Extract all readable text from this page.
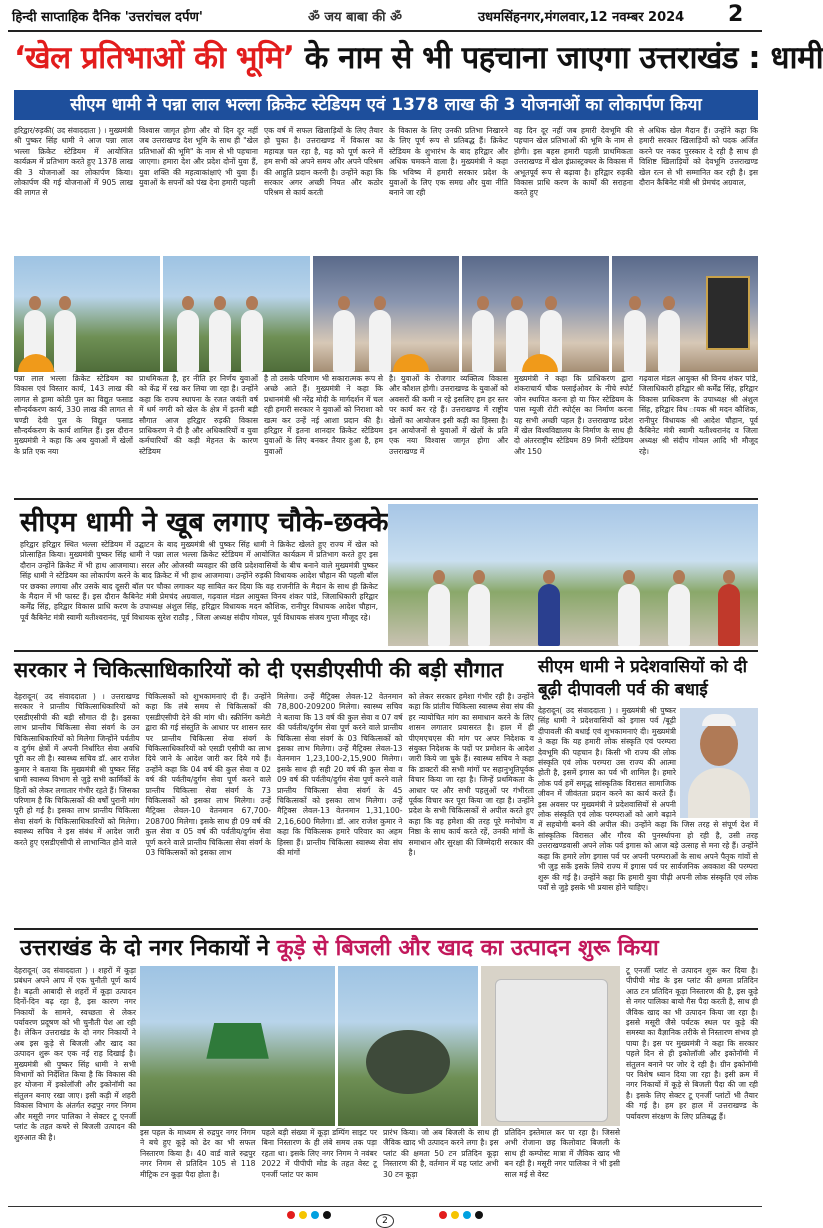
हिन्दी साप्ताहिक दैनिक 'उत्तरांचल दर्पण'	ॐ जय बाबा की ॐ	उधमसिंहनगर,मंगलवार,12 नवम्बर 2024 2
‘खेल प्रतिभाओं की भूमि’ के नाम से भी पहचाना जाएगा उत्तराखंड : धामी
सीएम धामी ने पन्ना लाल भल्ला क्रिकेट स्टेडियम एवं 1378 लाख की 3 योजनाओं का लोकार्पण किया
हरिद्वार/रुड़की( उद संवाददाता ) । मुख्यमंत्री श्री पुष्कर सिंह धामी ने आज पन्ना लाल भल्ला क्रिकेट स्टेडियम में आयोजित कार्यक्रम में प्रतिभाग करते हुए 1378 लाख की 3 योजनाओं का लोकार्पण किया। लोकार्पण की गई योजनाओं में 905 लाख की लागत से
विश्वास जागृत होगा और वो दिन दूर नहीं जब उत्तराखण्ड देश भूमि के साथ ही "खेल प्रतिभाओं की भूमि" के नाम से भी पहचाना जाएगा। हमारा देश और प्रदेश दोनों युवा हैं, युवा शक्ति की महत्वाकांक्षाएं भी युवा हैं। युवाओं के सपनों को पंख देना हमारी पहली
एक वर्ष में सफल खिलाड़ियों के लिए तैयार हो चुका है। उत्तराखण्ड में विकास का महायज्ञ चल रहा है, यह को पूर्ण करने में हम सभी को अपने समय और अपने परिश्रम की आहुति प्रदान करनी है। उन्होंने कहा कि सरकार अगर अच्छी नियत और कठोर परिश्रम से कार्य करती
के विकास के लिए उनकी प्रतिभा निखारने के लिए पूर्ण रूप से प्रतिबद्ध हैं। क्रिकेट स्टेडियम के शुभारंभ के बाद हरिद्वार और अधिक चमकने वाला है। मुख्यमंत्री ने कहा कि भविष्य में हमारी सरकार प्रदेश के युवाओं के लिए एक समग्र और युवा नीति बनाने जा रही
वह दिन दूर नहीं जब हमारी देवभूमि की पहचान खेल प्रतिभाओं की भूमि के नाम से होगी। इस बहस हमारी पहली प्राथमिकता उत्तराखण्ड में खेल इंफ्रास्ट्रक्चर के विकास में अभूतपूर्व रूप से बढ़ावा है। हरिद्वार रुड़की विकास प्राधि करण के कार्यों की सराहना करते हुए
से अधिक खेल मैदान हैं। उन्होंने कहा कि हमारी सरकार खिलाड़ियों को पदक अर्जित करने पर नकद पुरस्कार दे रही है साथ ही विशिष्ट खिलाड़ियों को देवभूमि उत्तराखण्ड खेल रत्न से भी सम्मानित कर रही है। इस दौरान कैबिनेट मंत्री श्री प्रेमचंद अग्रवाल,
पन्ना लाल भल्ला क्रिकेट स्टेडियम का विकास एवं विस्तार कार्य, 143 लाख की लागत से ड्रामा कोठी पुल का विद्युत फसाड सौन्दर्यकरण कार्य, 330 लाख की लागत से चण्डी देवी पुल के विद्युत फसाड सौन्दर्यकरण के कार्य शामिल हैं। इस दौरान मुख्यमंत्री ने कहा कि अब युवाओं में खेलों के प्रति एक नया
प्राथमिकता है, हर नीति हर निर्णय युवाओं को केंद्र में रख कर लिया जा रहा है। उन्होंने कहा कि राज्य स्थापना के रजत जयंती वर्ष में धर्म नगरी को खेल के क्षेत्र में इतनी बड़ी सौगात आज हरिद्वार रुड़की विकास प्राधिकरण ने दी है और अधिकारियों व युवा कर्मचारियों की कड़ी मेहनत के कारण स्टेडियम
है तो उसके परिणाम भी सकारात्मक रूप से अच्छे आते हैं। मुख्यमंत्री ने कहा कि प्रधानमंत्री श्री नरेंद्र मोदी के मार्गदर्शन में चल रही हमारी सरकार ने युवाओं को निराशा को खत्म कर उन्हें नई आशा प्रदान की है। हरिद्वार में इतना शानदार क्रिकेट स्टेडियम युवाओं के लिए बनकर तैयार हुआ है, हम युवाओं
है। युवाओं के रोजगार व्यक्तित्व विकास और कौशल होगी। उत्तराखण्ड के युवाओं को अवसरों की कमी न रहे इसलिए हम हर स्तर पर कार्य कर रहे हैं। उत्तराखण्ड में राष्ट्रीय खेलों का आयोजन इसी कड़ी का हिस्सा है। इन आयोजनों से युवाओं में खेलों के प्रति एक नया विश्वास जागृत होगा और उत्तराखण्ड में
मुख्यमंत्री ने कहा कि प्राधिकरण द्वारा शंकराचार्य चौक फ्लाईओवर के नीचे स्पोर्ट जोन स्थापित करना हो या फिर स्टेडियम के पास म्यूजी रोटी स्पोर्ट्स का निर्माण करना यह सभी अच्छी पहल है। उत्तराखण्ड प्रदेश में खेल विश्वविद्यालय के निर्माण के साथ ही दो अंतरराष्ट्रीय स्टेडियम 89 मिनी स्टेडियम और 150
गढ़वाल मंडल आयुक्त श्री विनय शंकर पांडे, जिलाधिकारी हरिद्वार श्री कर्मेंद्र सिंह, हरिद्वार विकास प्राधिकरण के उपाध्यक्ष श्री अंशुल सिंह, हरिद्वार विध ायक श्री मदन कौशिक, रानीपुर विधायक श्री आदेश चौहान, पूर्व कैबिनेट मंत्री स्वामी यतीश्वरानंद व जिला अध्यक्ष श्री संदीप गोयल आदि भी मौजूद रहे।
सीएम धामी ने खूब लगाए चौके-छक्के
हरिद्वार हरिद्वार स्थित भल्ला स्टेडियम में उद्घाटन के बाद मुख्यमंत्री श्री पुष्कर सिंह धामी ने क्रिकेट खेलते हुए राज्य में खेल को प्रोत्साहित किया। मुख्यमंत्री पुष्कर सिंह धामी ने पन्ना लाल भल्ला क्रिकेट स्टेडियम में आयोजित कार्यक्रम में प्रतिभाग करते हुए इस दौरान उन्होंने क्रिकेट में भी हाथ आजमाया। सरल और ओजस्वी व्यवहार की छवि प्रदेशवासियों के बीच बनाने वाले मुख्यमंत्री पुष्कर सिंह धामी ने स्टेडियम का लोकार्पण करने के बाद क्रिकेट में भी हाथ आजमाया। उन्होंने रुड़की विधायक आदेश चौहान की पहली बॉल पर छक्का लगाया और उसके बाद दूसरी बॉल पर चौका लगाकर यह साबित कर दिया कि वह राजनीति के मैदान के साथ ही क्रिकेट के मैदान में भी फास्ट हैं। इस दौरान कैबिनेट मंत्री प्रेमचंद अग्रवाल, गढ़वाल मंडल आयुक्त विनय शंकर पांडे, जिलाधिकारी हरिद्वार कर्मेंद्र सिंह, हरिद्वार विकास प्राधि करण के उपाध्यक्ष अंशुल सिंह, हरिद्वार विधायक मदन कौशिक, रानीपुर विधायक आदेश चौहान, पूर्व कैबिनेट मंत्री स्वामी यतीश्वरानंद, पूर्व विधायक सुरेश राठौड़ , जिला अध्यक्ष संदीप गोयल, पूर्व विधायक संजय गुप्ता मौजूद रहे।
सरकार ने चिकित्साधिकारियों को दी एसडीएसीपी की बड़ी सौगात
देहरादून( उद संवाददाता ) । उत्तराखण्ड सरकार ने प्रान्तीय चिकित्साधिकारियों को एसडीएसीपी की बड़ी सौगात दी है। इसका लाभ प्रान्तीय चिकित्सा सेवा संवर्ग के उन चिकित्साधिकारियों को मिलेगा जिन्होंने पर्वतीय व दुर्गम क्षेत्रों में अपनी निर्धारित सेवा अवधि पूरी कर ली है। स्वास्थ्य सचिव डॉ. आर राजेश कुमार ने बताया कि मुख्यमंत्री श्री पुष्कर सिंह धामी स्वास्थ्य विभाग से जुड़े सभी कार्मिकों के हितों को लेकर लगातार गंभीर रहते हैं। जिसका परिणाम है कि चिकित्सकों की वर्षों पुरानी मांग पूरी हो गई है। इसका लाभ प्रान्तीय चिकित्सा सेवा संवर्ग के चिकित्साधिकारियों को मिलेगा। स्वास्थ्य सचिव ने इस संबंध में आदेश जारी करते हुए एसडीएसीपी से लाभान्वित होने वाले
चिकित्सकों को शुभकामनाएं दी हैं। उन्होंने कहा कि लंबे समय से चिकित्सकों की एसडीएसीपी देने की मांग थी। स्क्रीनिंग कमेटी द्वारा की गई संस्तुति के आधार पर शासन स्तर पर प्रान्तीय चिकित्सा सेवा संवर्ग के चिकित्साधिकारियों को एसडी एसीपी का लाभ दिये जाने के आदेश जारी कर दिये गये हैं। उन्होंने कहा कि 04 वर्ष की कुल सेवा व 02 वर्ष की पर्वतीय/दुर्गम सेवा पूर्ण करने वाले प्रान्तीय चिकित्सा सेवा संवर्ग के 73 चिकित्सकों को इसका लाभ मिलेगा। उन्हें मैट्रिक्स लेवल-10 वेतनमान 67,700- 208700 मिलेगा। इसके साथ ही 09 वर्ष की कुल सेवा व 05 वर्ष की पर्वतीय/दुर्गम सेवा पूर्ण करने वाले प्रान्तीय चिकित्सा सेवा संवर्ग के 03 चिकित्सकों को इसका लाभ
मिलेगा। उन्हें मैट्रिक्स लेवल-12 वेतनमान 78,800-209200 मिलेगा। स्वास्थ्य सचिव ने बताया कि 13 वर्ष की कुल सेवा व 07 वर्ष की पर्वतीय/दुर्गम सेवा पूर्ण करने वाले प्रान्तीय चिकित्सा सेवा संवर्ग के 03 चिकित्सकों को इसका लाभ मिलेगा। उन्हें मैट्रिक्स लेवल-13 वेतनमान 1,23,100-2,15,900 मिलेगा। इसके साथ ही सही 20 वर्ष की कुल सेवा व 09 वर्ष की पर्वतीय/दुर्गम सेवा पूर्ण करने वाले प्रान्तीय चिकित्सा सेवा संवर्ग के 45 चिकित्सकों को इसका लाभ मिलेगा। उन्हें मैट्रिक्स लेवल-13 वेतनमान 1,31,100-2,16,600 मिलेगा। डॉ. आर राजेश कुमार ने कहा कि चिकित्सक हमारे परिवार का अहम हिस्सा हैं। प्रान्तीय चिकित्सा स्वास्थ्य सेवा संघ की मांगों
को लेकर सरकार हमेशा गंभीर रही है। उन्होंने कहा कि प्रांतीय चिकित्सा स्वास्थ्य सेवा संघ की हर न्यायोचित मांग का समाधान करने के लिए शासन लगातार प्रयासरत है। हाल में ही पीएमएचएस की मांग पर अपर निदेशक व संयुक्त निदेशक के पदों पर प्रमोशन के आदेश जारी किये जा चुके हैं। स्वास्थ्य सचिव ने कहा कि डाक्टरों की सभी मांगों पर सहानुभूतिपूर्वक विचार किया जा रहा है। जिन्हें प्रथमिकता के आधार पर और सभी पहलुओं पर गंभीरता पूर्वक विचार कर पूरा किया जा रहा है। उन्होंने प्रदेश के सभी चिकित्सकों से अपील करते हुए कहा कि वह हमेशा की तरह पूरे मनोयोग व निष्ठा के साथ कार्य करते रहें, उनकी मांगों के समाधान और सुरक्षा की जिम्मेदारी सरकार की है।
सीएम धामी ने प्रदेशवासियों को दी बूढ़ी दीपावली पर्व की बधाई
देहरादून( उद संवाददाता ) । मुख्यमंत्री श्री पुष्कर सिंह धामी ने प्रदेशवासियों को इगास पर्व /बूढ़ी दीपावली की बधाई एवं शुभकामनाएं दी। मुख्यमंत्री ने कहा कि यह हमारी लोक संस्कृति एवं परम्परा देवभूमि की पहचान है। किसी भी राज्य की लोक संस्कृति एवं लोक परम्परा उस राज्य की आत्मा होती है, इसमें इगास का पर्व भी शामिल है। हमारे लोक पर्व हमें समृद्ध सांस्कृतिक विरासत सामाजिक जीवन में जीवंतता प्रदान करने का कार्य करते हैं। इस अवसर पर मुख्यमंत्री ने प्रदेशवासियों से अपनी लोक संस्कृति एवं लोक परम्पराओं को आगे बढ़ाने में सहयोगी बनने की अपील की। उन्होंने कहा कि जिस तरह से संपूर्ण देश में सांस्कृतिक विरासत और गौरव की पुनर्स्थापना हो रही है, उसी तरह उत्तराखण्डवासी अपने लोक पर्व इगास को आज बड़े उत्साह से मना रहे हैं। उन्होंने कहा कि हमारे लोग इगास पर्व पर अपनी परम्पराओं के साथ अपने पैतृक गांवों से भी जुड़ सकें इसके लिये राज्य में इगास पर्व पर सार्वजनिक अवकाश की परम्परा शुरू की गई है। उन्होंने कहा कि हमारी युवा पीढ़ी अपनी लोक संस्कृति एवं लोक पर्वों से जुड़े इसके भी प्रयास होने चाहिए।
उत्तराखंड के दो नगर निकायों ने कूड़े से बिजली और खाद का उत्पादन शुरू किया
देहरादून( उद संवाददाता ) । शहरों में कूड़ा प्रबंधन अपने आप में एक चुनौती पूर्ण कार्य है। बढ़ती आबादी से शहरों में कूड़ा उत्पादन दिनों-दिन बढ़ रहा है, इस कारण नगर निकायों के सामने, स्वच्छता से लेकर पर्यावरण प्रदूषण को भी चुनौती पेश आ रही है। लेकिन उत्तराखंड के दो नगर निकायों ने अब इस कूड़े से बिजली और खाद का उत्पादन शुरू कर एक नई राह दिखाई है। मुख्यमंत्री श्री पुष्कर सिंह धामी ने सभी विभागों को निर्देशित किया है कि विकास की हर योजना में इकोलॉजी और इकोनॉमी का संतुलन बनाए रखा जाए। इसी कड़ी में शहरी विकास विभाग के अंतर्गत रुद्रपुर नगर निगम और मसूरी नगर पालिका ने सेक्टर टू एनर्जी प्लांट के तहत कचरे से बिजली उत्पादन की शुरुआत की है।	इस पहल के माध्यम से रुद्रपुर नगर निगम ने बचे हुए कूड़े को ढेर का भी सफल निस्तारण किया है। 40 वार्ड वाले रुद्रपुर नगर निगम से प्रतिदिन 105 से 118 मीट्रिक टन कूड़ा पैदा होता है।
पहले बड़ी संख्या में कूड़ा डम्पिंग साइट पर बिना निस्तारण के ही लंबे समय तक पड़ा रहता था। इसके लिए नगर निगम ने नवंबर 2022 में पीपीपी मोड के तहत वेस्ट टू एनर्जी प्लांट पर काम
प्रारंभ किया। जो अब बिजली के साथ ही जैविक खाद भी उत्पादन करने लगा है। इस प्लांट की क्षमता 50 टन प्रतिदिन कूड़ा निस्तारण की है, वर्तमान में यह प्लांट अभी 30 टन कूड़ा
प्रतिदिन इस्तेमाल कर पा रहा है। जिससे अभी रोजाना छह किलोवाट बिजली के साथ ही कम्पोस्ट मात्रा में जैविक खाद भी बन रही है। मसूरी नगर पालिका ने भी इसी साल मई से वेस्ट
टू एनर्जी प्लांट से उत्पादन शुरू कर दिया है। पीपीपी मोड के इस प्लांट की क्षमता प्रतिदिन आठ टन प्रतिदिन कूड़ा निस्तारण की है, इस कूड़े से नगर पालिका बायो गैस पैदा करती है, साथ ही जैविक खाद का भी उत्पादन किया जा रहा है। इससे मसूरी जैसे पर्यटक स्थल पर कूड़े की समस्या का वैज्ञानिक तरीके से निस्तारण संभव हो पाया है। इस पर मुख्यमंत्री ने कहा कि सरकार पहले दिन से ही इकोलॉजी और इकोनॉमी में संतुलन बनाने पर जोर दे रही है। ग्रीन इकोनॉमी पर विशेष ध्यान दिया जा रहा है। इसी क्रम में नगर निकायों में कूड़े से बिजली पैदा की जा रही है। इसके लिए सेक्टर टू एनर्जी प्लांटों भी तैयार की गई है। हम हर हाल में उत्तराखण्ड के पर्यावरण संरक्षण के लिए प्रतिबद्ध हैं।
2
